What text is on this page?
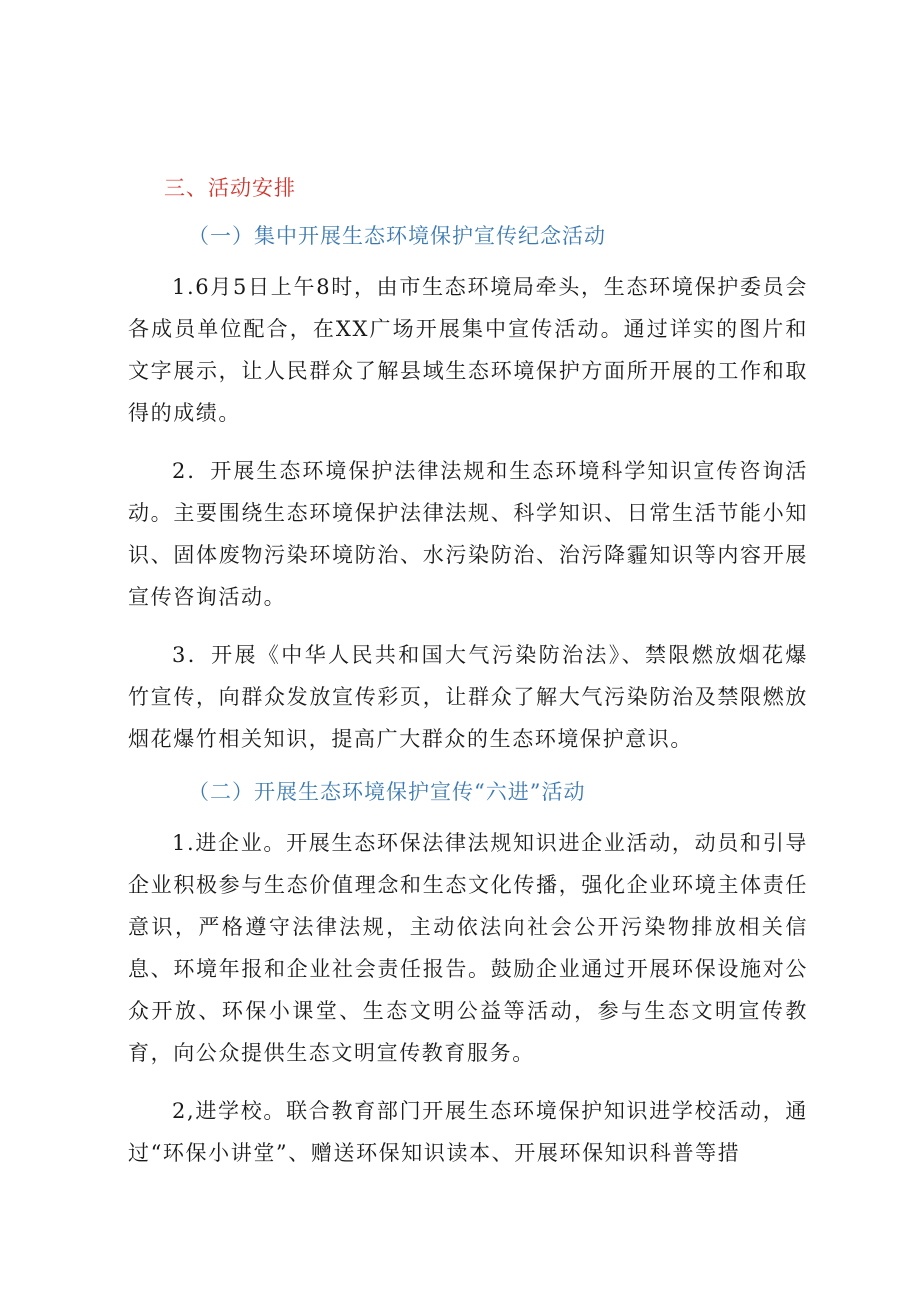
三、活动安排
（一）集中开展生态环境保护宣传纪念活动

1.6月5日上午8时，由市生态环境局牵头，生态环境保护委员会各成员单位配合，在XX广场开展集中宣传活动。通过详实的图片和文字展示，让人民群众了解县域生态环境保护方面所开展的工作和取得的成绩。

2．开展生态环境保护法律法规和生态环境科学知识宣传咨询活动。主要围绕生态环境保护法律法规、科学知识、日常生活节能小知识、固体废物污染环境防治、水污染防治、治污降霾知识等内容开展宣传咨询活动。

3．开展《中华人民共和国大气污染防治法》、禁限燃放烟花爆竹宣传，向群众发放宣传彩页，让群众了解大气污染防治及禁限燃放烟花爆竹相关知识，提高广大群众的生态环境保护意识。

（二）开展生态环境保护宣传“六进”活动

1.进企业。开展生态环保法律法规知识进企业活动，动员和引导企业积极参与生态价值理念和生态文化传播，强化企业环境主体责任意识，严格遵守法律法规，主动依法向社会公开污染物排放相关信息、环境年报和企业社会责任报告。鼓励企业通过开展环保设施对公众开放、环保小课堂、生态文明公益等活动，参与生态文明宣传教育，向公众提供生态文明宣传教育服务。

2,进学校。联合教育部门开展生态环境保护知识进学校活动，通过“环保小讲堂”、赠送环保知识读本、开展环保知识科普等措
